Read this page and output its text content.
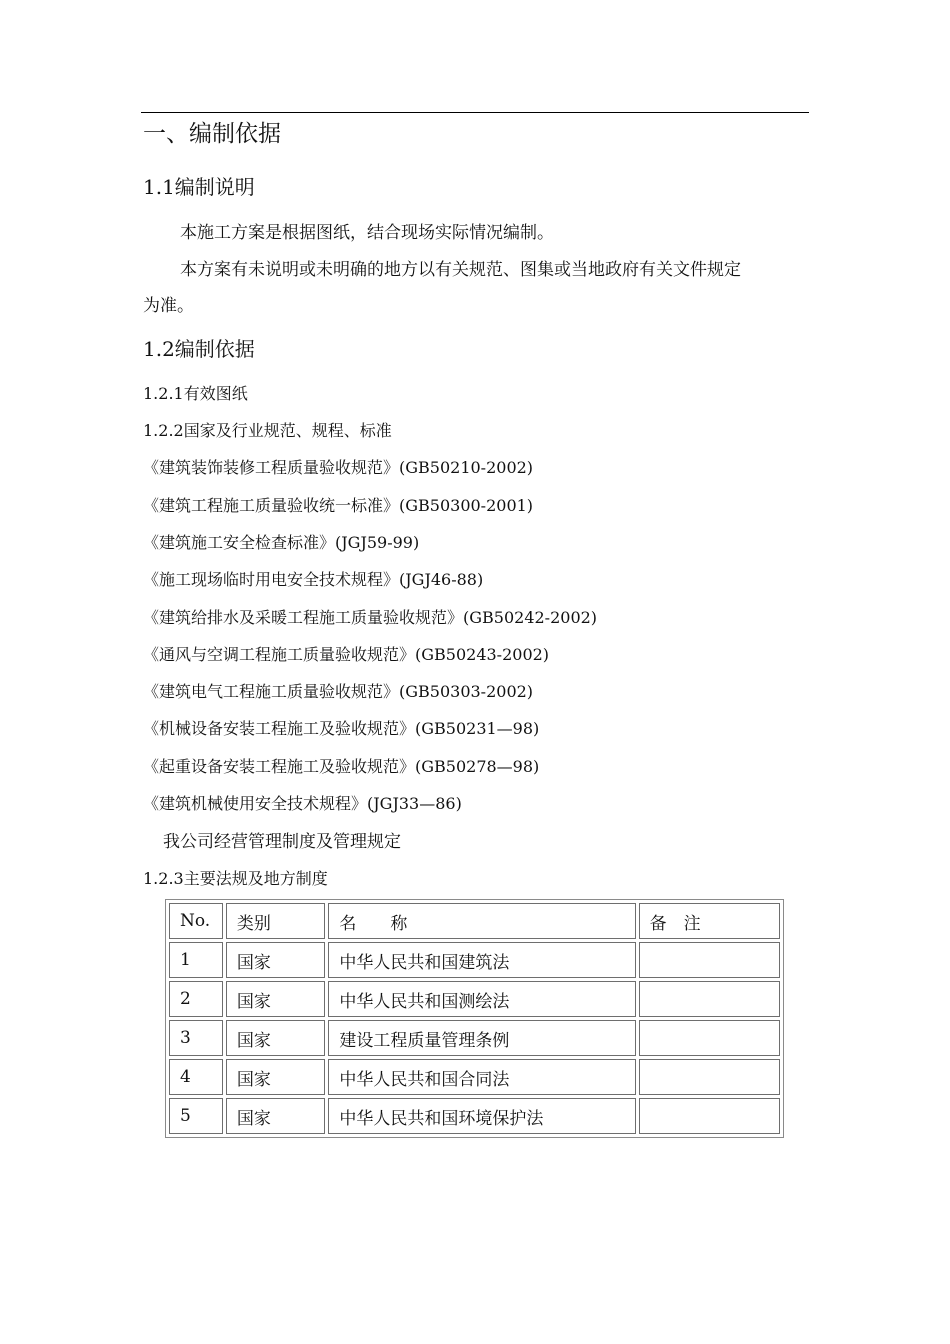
一、编制依据
1.1编制说明
本施工方案是根据图纸，结合现场实际情况编制。
本方案有未说明或未明确的地方以有关规范、图集或当地政府有关文件规定
为准。
1.2编制依据
1.2.1有效图纸
1.2.2国家及行业规范、规程、标准
《建筑装饰装修工程质量验收规范》(GB50210-2002)
《建筑工程施工质量验收统一标准》(GB50300-2001)
《建筑施工安全检查标准》(JGJ59-99)
《施工现场临时用电安全技术规程》(JGJ46-88)
《建筑给排水及采暖工程施工质量验收规范》(GB50242-2002)
《通风与空调工程施工质量验收规范》(GB50243-2002)
《建筑电气工程施工质量验收规范》(GB50303-2002)
《机械设备安装工程施工及验收规范》(GB50231—98)
《起重设备安装工程施工及验收规范》(GB50278—98)
《建筑机械使用安全技术规程》(JGJ33—86)
我公司经营管理制度及管理规定
1.2.3主要法规及地方制度
No.	类别	名　　称	备　注
1	国家	中华人民共和国建筑法	
2	国家	中华人民共和国测绘法	
3	国家	建设工程质量管理条例	
4	国家	中华人民共和国合同法	
5	国家	中华人民共和国环境保护法	
